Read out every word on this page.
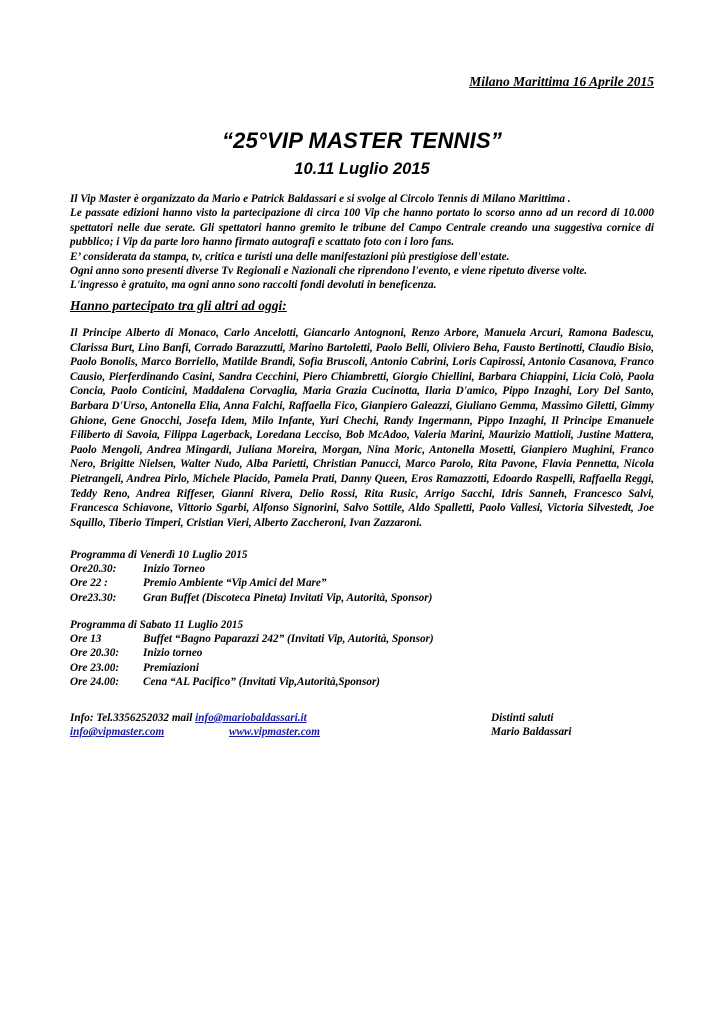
Milano Marittima 16 Aprile 2015
“25°VIP MASTER TENNIS”
10.11 Luglio 2015

Il Vip Master è organizzato da Mario e Patrick Baldassari e si svolge al Circolo Tennis di Milano Marittima .

Le passate edizioni hanno visto la partecipazione di circa 100 Vip che hanno portato lo scorso anno ad un record di 10.000 spettatori nelle due serate. Gli spettatori hanno gremito le tribune del Campo Centrale creando una suggestiva cornice di pubblico; i Vip da parte loro hanno firmato autografi e scattato foto con i loro fans.

E’ considerata da stampa, tv, critica e turisti una delle manifestazioni più prestigiose dell'estate.

Ogni anno sono presenti diverse Tv Regionali e Nazionali che riprendono l'evento, e viene ripetuto diverse volte.

L'ingresso è gratuito, ma ogni anno sono raccolti fondi devoluti in beneficenza.

Hanno partecipato tra gli altri ad oggi:

Il Principe Alberto di Monaco, Carlo Ancelotti, Giancarlo Antognoni, Renzo Arbore, Manuela Arcuri, Ramona Badescu, Clarissa Burt, Lino Banfi, Corrado Barazzutti, Marino Bartoletti, Paolo Belli, Oliviero Beha, Fausto Bertinotti, Claudio Bisio, Paolo Bonolis, Marco Borriello, Matilde Brandi, Sofia Bruscoli, Antonio Cabrini, Loris Capirossi, Antonio Casanova, Franco Causio, Pierferdinando Casini, Sandra Cecchini, Piero Chiambretti, Giorgio Chiellini, Barbara Chiappini, Licia Colò, Paola Concia, Paolo Conticini, Maddalena Corvaglia, Maria Grazia Cucinotta, Ilaria D'amico, Pippo Inzaghi, Lory Del Santo, Barbara D'Urso, Antonella Elia, Anna Falchi, Raffaella Fico, Gianpiero Galeazzi, Giuliano Gemma, Massimo Giletti, Gimmy Ghione, Gene Gnocchi, Josefa Idem, Milo Infante, Yuri Chechi, Randy Ingermann, Pippo Inzaghi, Il Principe Emanuele Filiberto di Savoia, Filippa Lagerback, Loredana Lecciso, Bob McAdoo, Valeria Marini, Maurizio Mattioli, Justine Mattera, Paolo Mengoli, Andrea Mingardi, Juliana Moreira, Morgan, Nina Moric, Antonella Mosetti, Gianpiero Mughini, Franco Nero, Brigitte Nielsen, Walter Nudo, Alba Parietti, Christian Panucci, Marco Parolo, Rita Pavone, Flavia Pennetta, Nicola Pietrangeli, Andrea Pirlo, Michele Placido, Pamela Prati, Danny Queen, Eros Ramazzotti, Edoardo Raspelli, Raffaella Reggi, Teddy Reno, Andrea Riffeser, Gianni Rivera, Delio Rossi, Rita Rusic, Arrigo Sacchi, Idris Sanneh, Francesco Salvi, Francesca Schiavone, Vittorio Sgarbi, Alfonso Signorini, Salvo Sottile, Aldo Spalletti, Paolo Vallesi, Victoria Silvestedt, Joe Squillo, Tiberio Timperi, Cristian Vieri, Alberto Zaccheroni, Ivan Zazzaroni.

Programma di Venerdì 10 Luglio 2015

Ore20.30:	Inizio Torneo
Ore 22 :	Premio Ambiente “Vip Amici del Mare”
Ore23.30:	Gran Buffet (Discoteca Pineta) Invitati Vip, Autorità, Sponsor)

Programma di Sabato 11 Luglio 2015

Ore 13	Buffet “Bagno Paparazzi 242” (Invitati Vip, Autorità, Sponsor)
Ore 20.30:	Inizio torneo
Ore 23.00:	Premiazioni
Ore 24.00:	Cena “AL Pacifico” (Invitati Vip,Autorità,Sponsor)
Info: Tel.3356252032 mail info@mariobaldassari.it	Distinti saluti
info@vipmaster.com	www.vipmaster.com	Mario Baldassari
